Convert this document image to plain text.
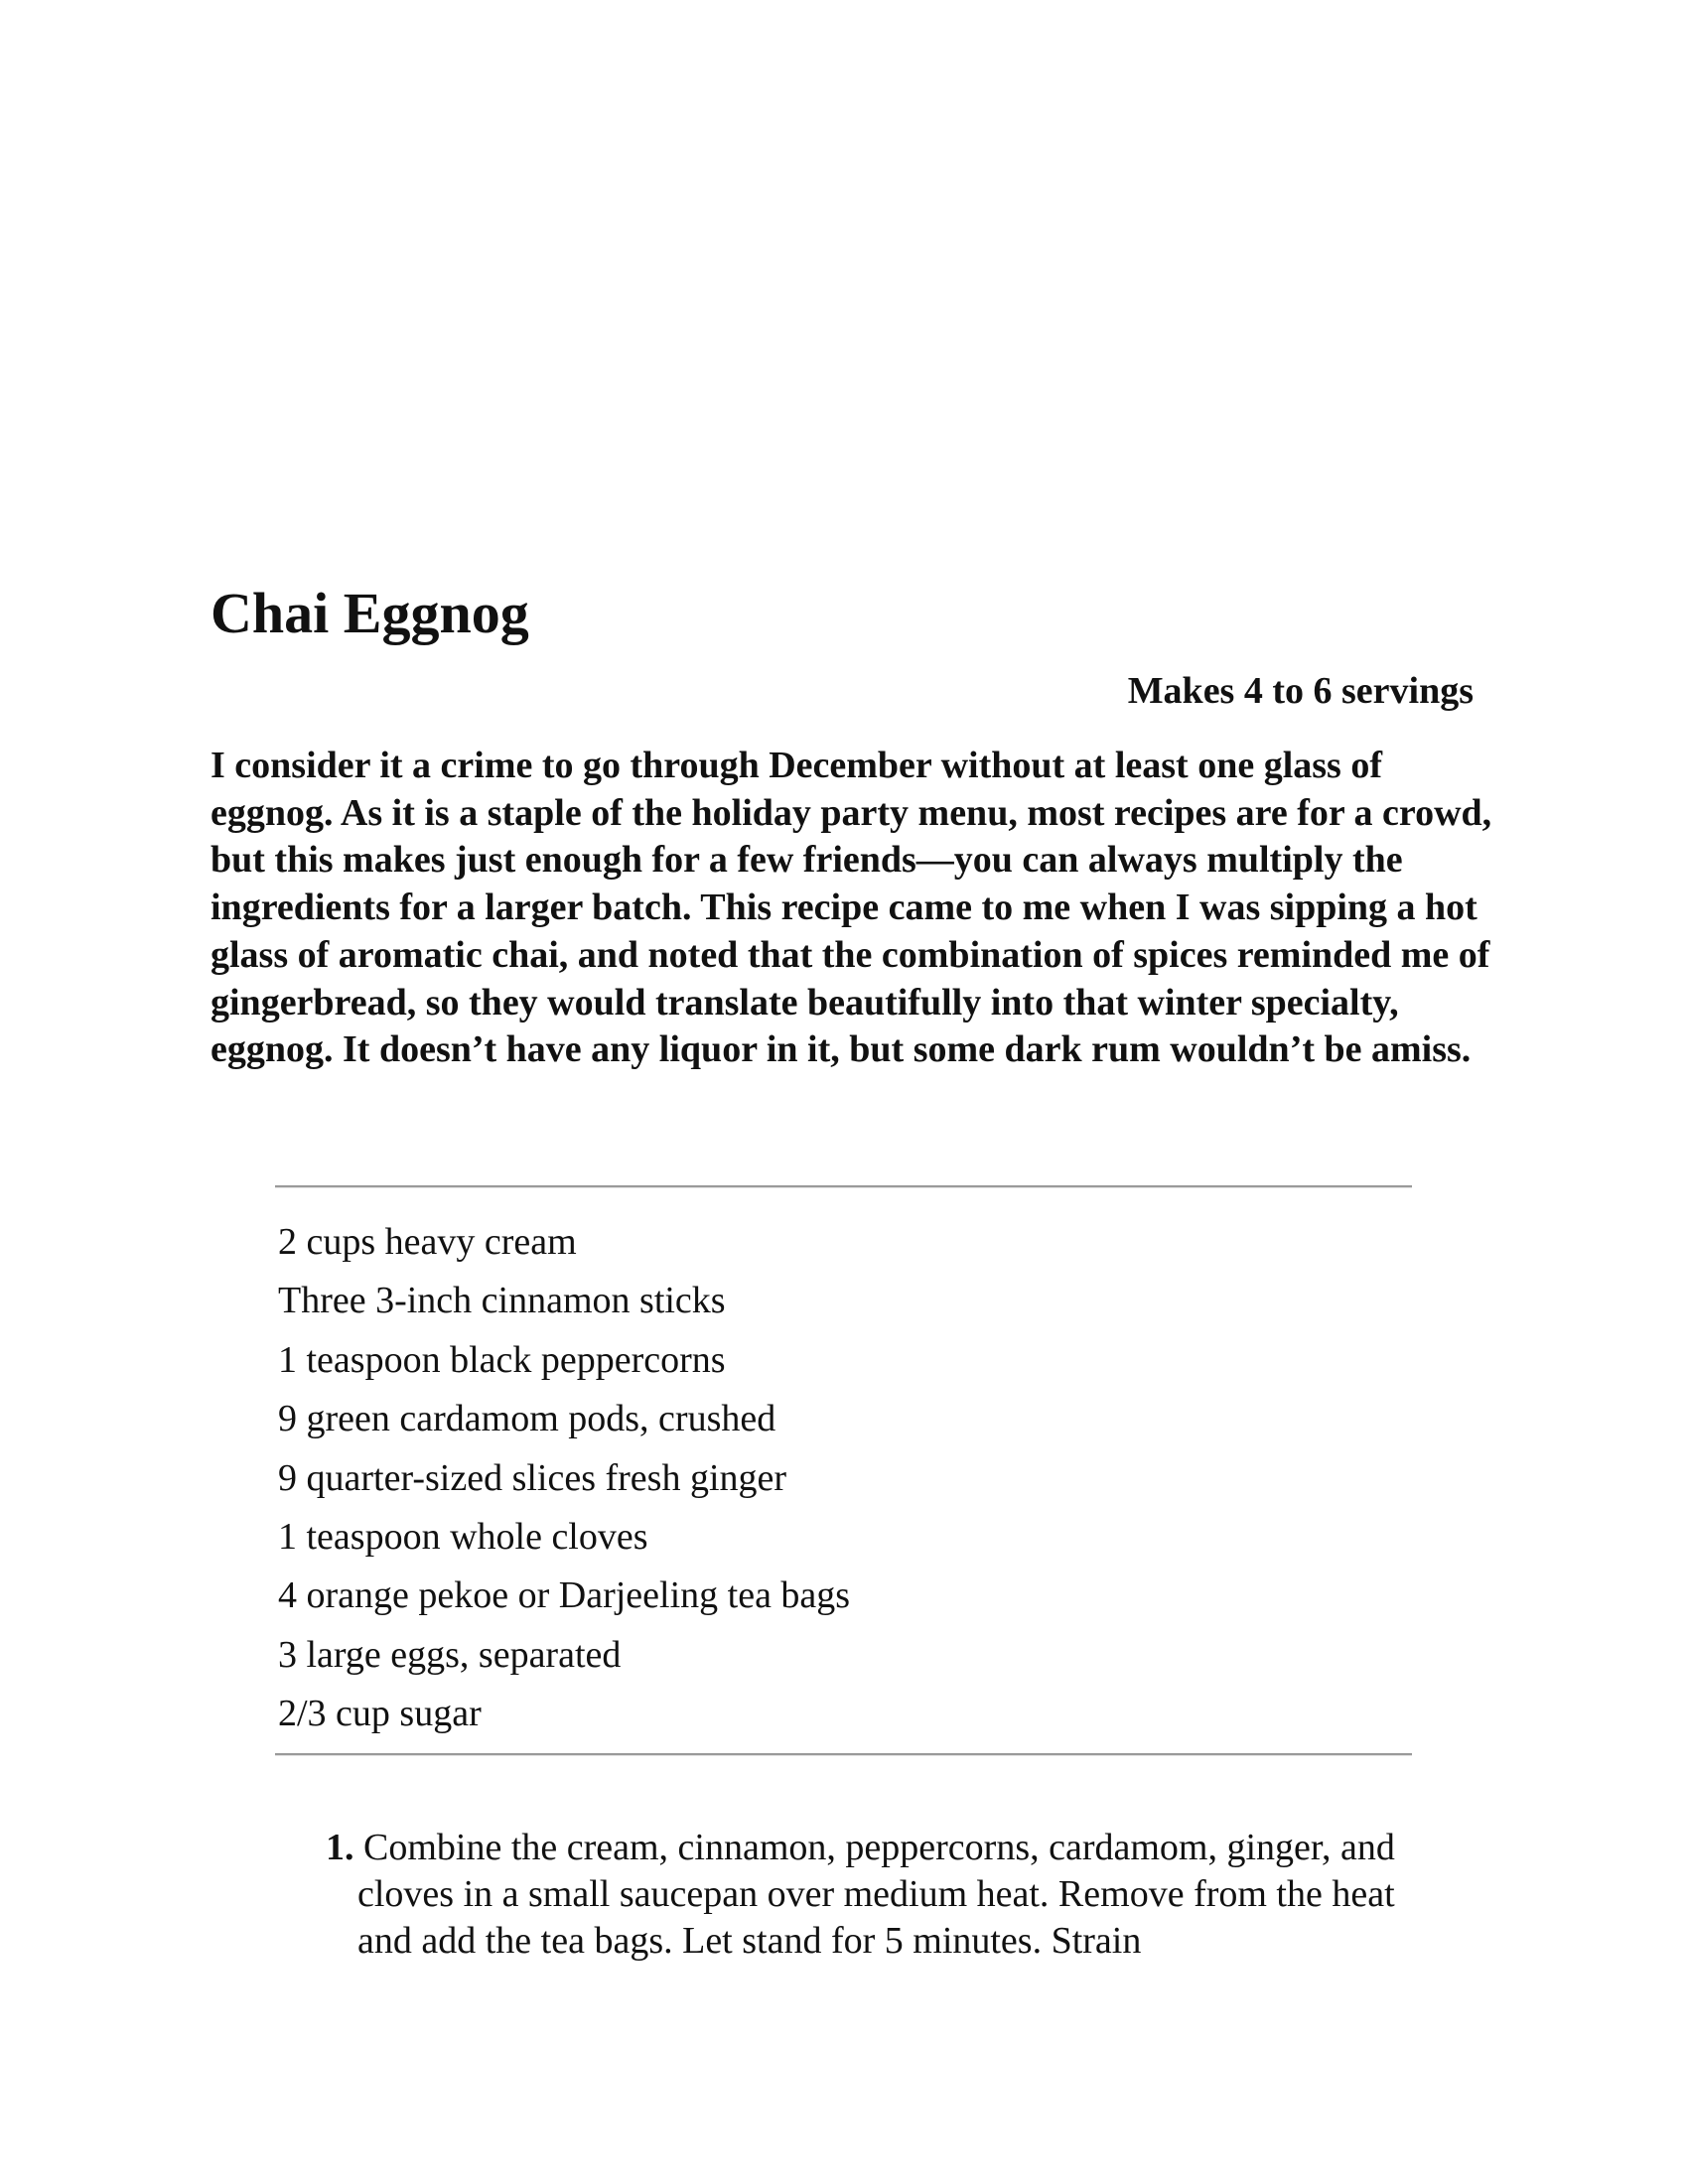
Chai Eggnog

Makes 4 to 6 servings

I consider it a crime to go through December without at least one glass of eggnog. As it is a staple of the holiday party menu, most recipes are for a crowd, but this makes just enough for a few friends—you can always multiply the ingredients for a larger batch. This recipe came to me when I was sipping a hot glass of aromatic chai, and noted that the combination of spices reminded me of gingerbread, so they would translate beautifully into that winter specialty, eggnog. It doesn’t have any liquor in it, but some dark rum wouldn’t be amiss.

2 cups heavy cream
Three 3-inch cinnamon sticks
1 teaspoon black peppercorns
9 green cardamom pods, crushed
9 quarter-sized slices fresh ginger
1 teaspoon whole cloves
4 orange pekoe or Darjeeling tea bags
3 large eggs, separated
2/3 cup sugar
1. Combine the cream, cinnamon, peppercorns, cardamom, ginger, and cloves in a small saucepan over medium heat. Remove from the heat and add the tea bags. Let stand for 5 minutes. Strain
